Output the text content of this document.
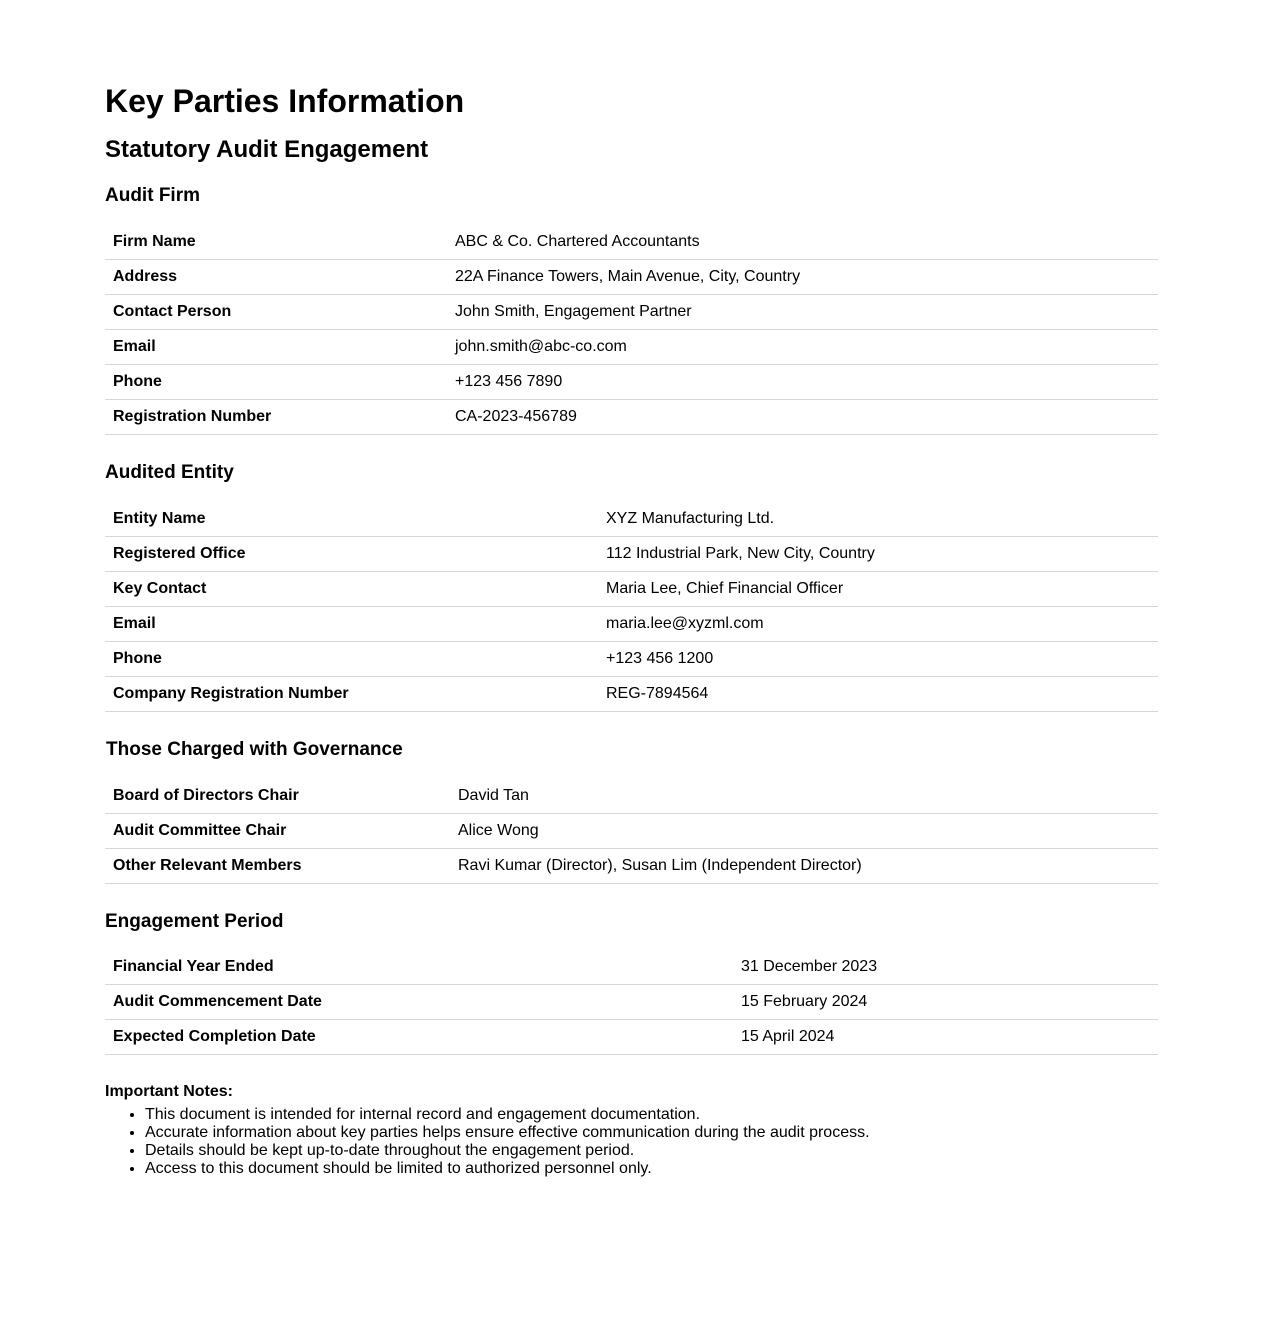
Key Parties Information
Statutory Audit Engagement
Audit Firm
Firm Name	ABC & Co. Chartered Accountants
Address	22A Finance Towers, Main Avenue, City, Country
Contact Person	John Smith, Engagement Partner
Email	john.smith@abc-co.com
Phone	+123 456 7890
Registration Number	CA-2023-456789
Audited Entity
Entity Name	XYZ Manufacturing Ltd.
Registered Office	112 Industrial Park, New City, Country
Key Contact	Maria Lee, Chief Financial Officer
Email	maria.lee@xyzml.com
Phone	+123 456 1200
Company Registration Number	REG-7894564
Those Charged with Governance
Board of Directors Chair	David Tan
Audit Committee Chair	Alice Wong
Other Relevant Members	Ravi Kumar (Director), Susan Lim (Independent Director)
Engagement Period
Financial Year Ended	31 December 2023
Audit Commencement Date	15 February 2024
Expected Completion Date	15 April 2024

Important Notes:

• This document is intended for internal record and engagement documentation.
• Accurate information about key parties helps ensure effective communication during the audit process.
• Details should be kept up-to-date throughout the engagement period.
• Access to this document should be limited to authorized personnel only.
